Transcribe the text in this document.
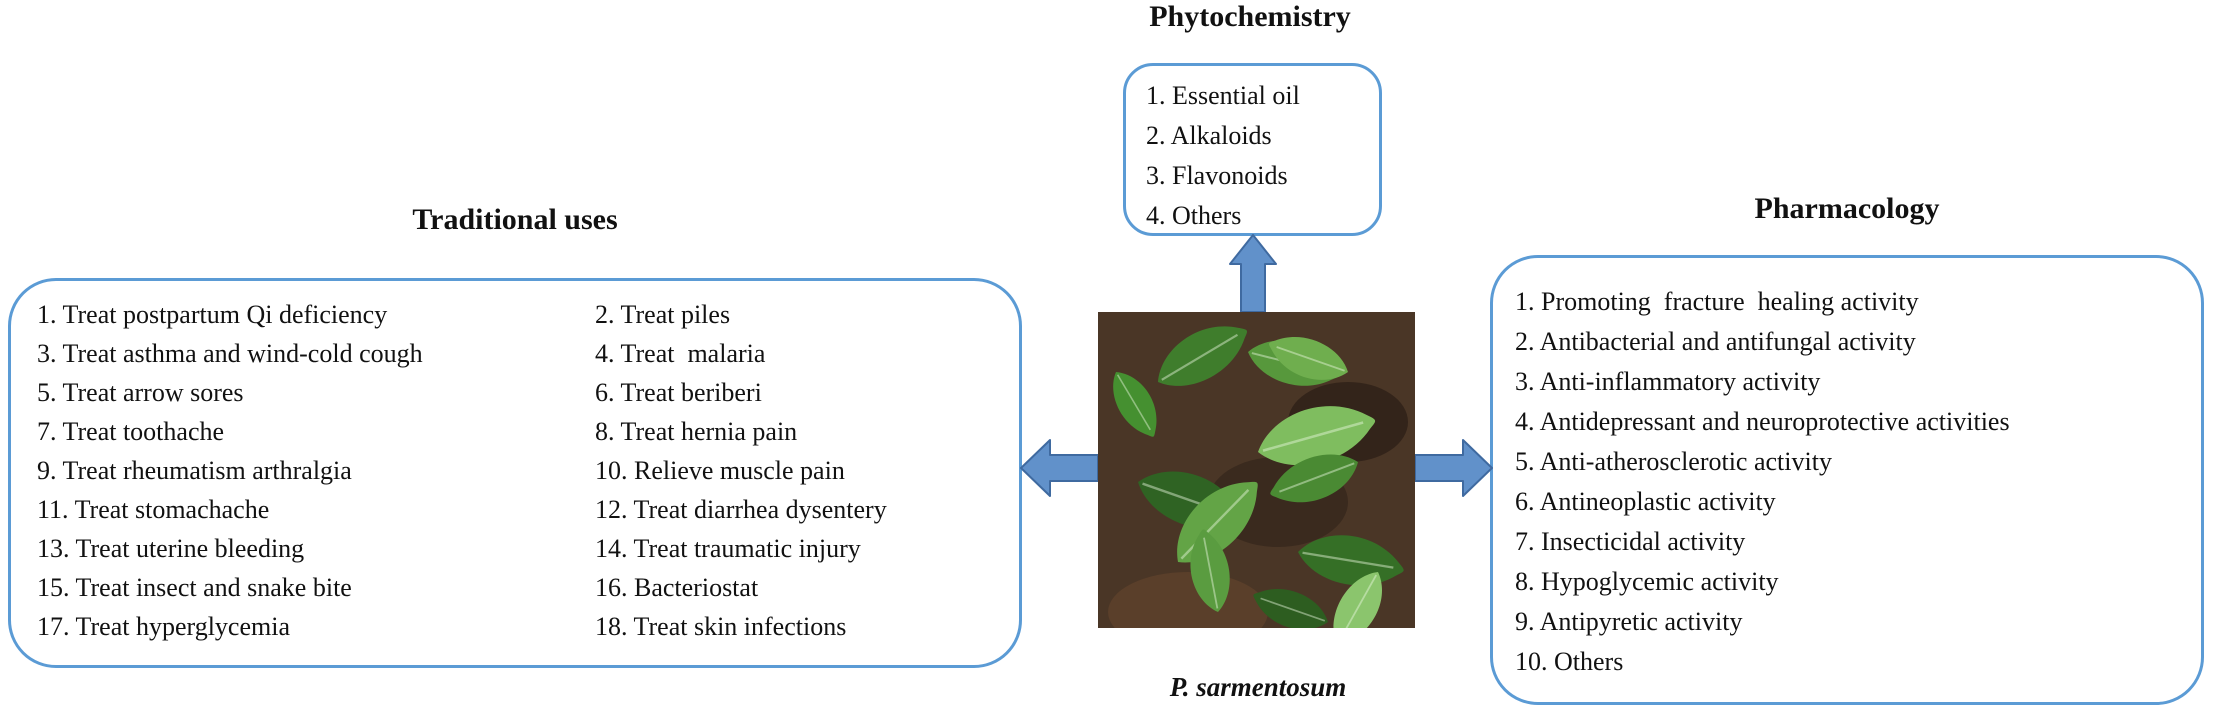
Traditional uses
1. Treat postpartum Qi deficiency
3. Treat asthma and wind-cold cough
5. Treat arrow sores
7. Treat toothache
9. Treat rheumatism arthralgia
11. Treat stomachache
13. Treat uterine bleeding
15. Treat insect and snake bite
17. Treat hyperglycemia
2. Treat piles
4. Treat  malaria
6. Treat beriberi
8. Treat hernia pain
10. Relieve muscle pain
12. Treat diarrhea dysentery
14. Treat traumatic injury
16. Bacteriostat
18. Treat skin infections
Phytochemistry
1. Essential oil
2. Alkaloids
3. Flavonoids
4. Others	Pharmacology
1. Promoting  fracture  healing activity
2. Antibacterial and antifungal activity
3. Anti-inflammatory activity
4. Antidepressant and neuroprotective activities
5. Anti-atherosclerotic activity
6. Antineoplastic activity
7. Insecticidal activity
8. Hypoglycemic activity
9. Antipyretic activity
10. Others
P. sarmentosum
